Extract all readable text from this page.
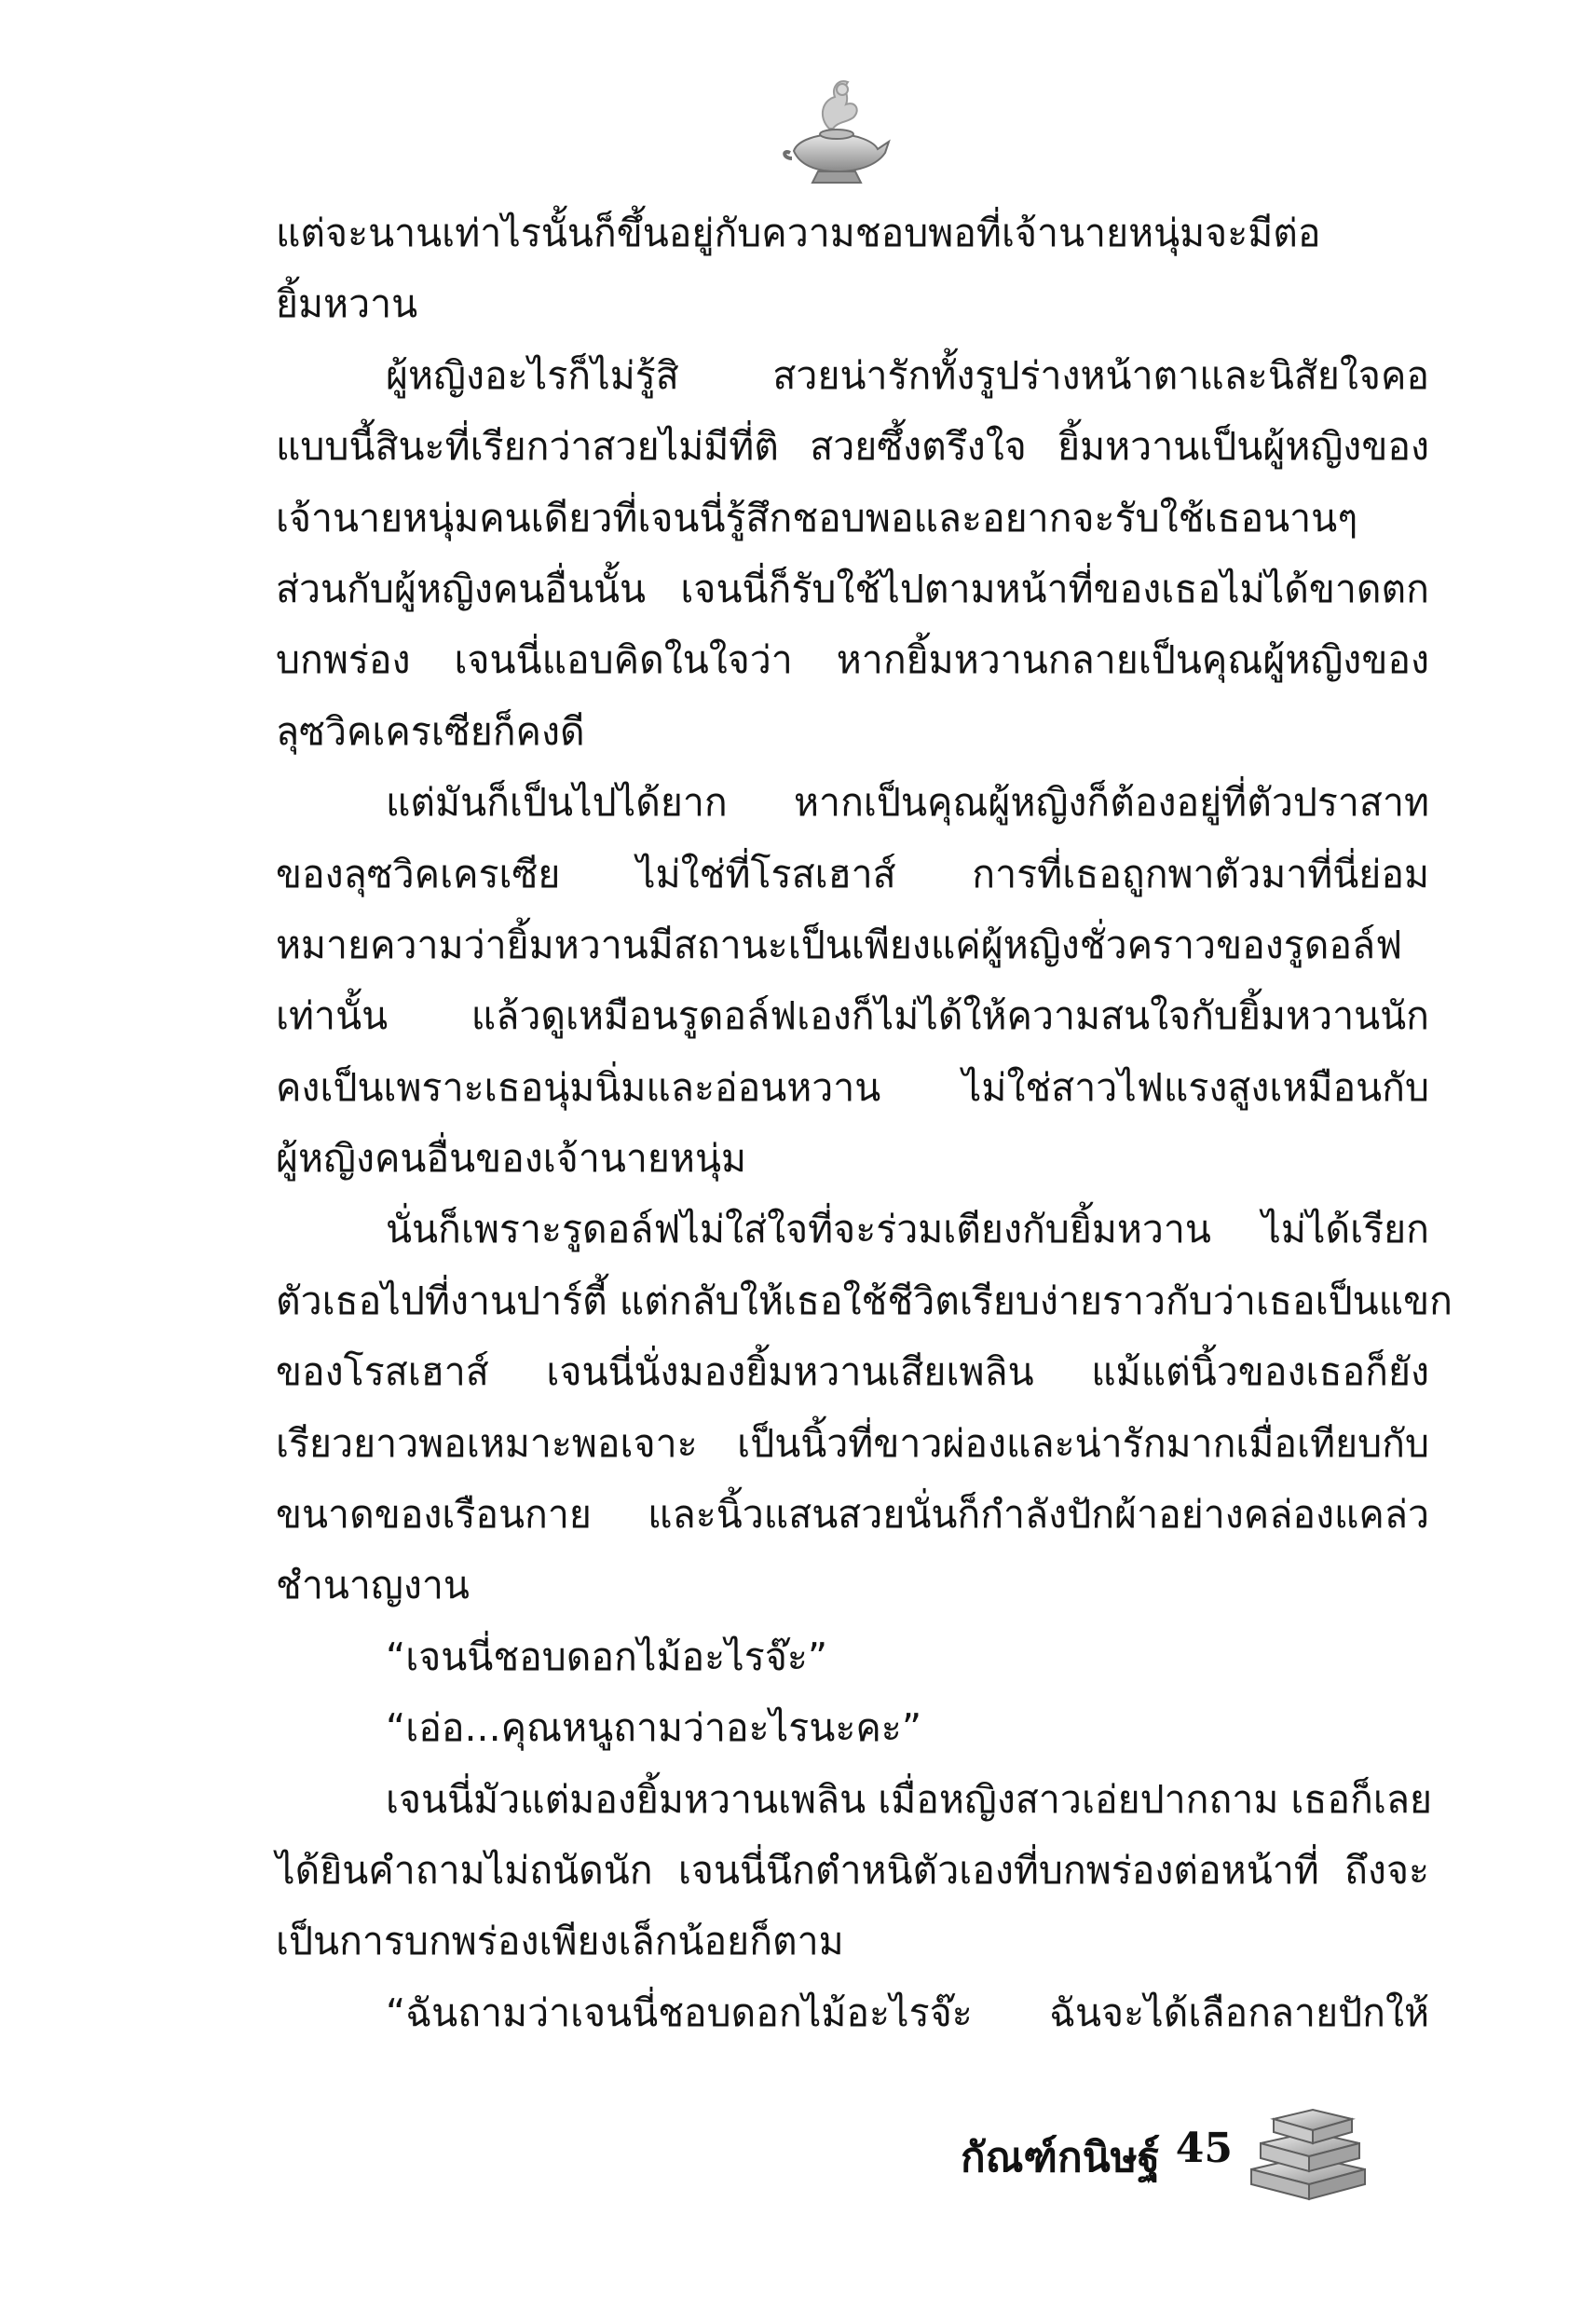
แต่จะนานเท่าไรนั้นก็ขึ้นอยู่กับความชอบพอที่เจ้านายหนุ่มจะมีต่อ
ยิ้มหวาน
ผู้หญิงอะไรก็ไม่รู้สิ สวยน่ารักทั้งรูปร่างหน้าตาและนิสัยใจคอ
แบบนี้สินะที่เรียกว่าสวยไม่มีที่ติ สวยซึ้งตรึงใจ ยิ้มหวานเป็นผู้หญิงของ
เจ้านายหนุ่มคนเดียวที่เจนนี่รู้สึกชอบพอและอยากจะรับใช้เธอนานๆ
ส่วนกับผู้หญิงคนอื่นนั้น เจนนี่ก็รับใช้ไปตามหน้าที่ของเธอไม่ได้ขาดตก
บกพร่อง เจนนี่แอบคิดในใจว่า หากยิ้มหวานกลายเป็นคุณผู้หญิงของ
ลุซวิคเครเซียก็คงดี
แต่มันก็เป็นไปได้ยาก หากเป็นคุณผู้หญิงก็ต้องอยู่ที่ตัวปราสาท
ของลุซวิคเครเซีย ไม่ใช่ที่โรสเฮาส์ การที่เธอถูกพาตัวมาที่นี่ย่อม
หมายความว่ายิ้มหวานมีสถานะเป็นเพียงแค่ผู้หญิงชั่วคราวของรูดอล์ฟ
เท่านั้น แล้วดูเหมือนรูดอล์ฟเองก็ไม่ได้ให้ความสนใจกับยิ้มหวานนัก
คงเป็นเพราะเธอนุ่มนิ่มและอ่อนหวาน ไม่ใช่สาวไฟแรงสูงเหมือนกับ
ผู้หญิงคนอื่นของเจ้านายหนุ่ม
นั่นก็เพราะรูดอล์ฟไม่ใส่ใจที่จะร่วมเตียงกับยิ้มหวาน ไม่ได้เรียก
ตัวเธอไปที่งานปาร์ตี้ แต่กลับให้เธอใช้ชีวิตเรียบง่ายราวกับว่าเธอเป็นแขก
ของโรสเฮาส์ เจนนี่นั่งมองยิ้มหวานเสียเพลิน แม้แต่นิ้วของเธอก็ยัง
เรียวยาวพอเหมาะพอเจาะ เป็นนิ้วที่ขาวผ่องและน่ารักมากเมื่อเทียบกับ
ขนาดของเรือนกาย และนิ้วแสนสวยนั่นก็กำลังปักผ้าอย่างคล่องแคล่ว
ชำนาญงาน
“เจนนี่ชอบดอกไม้อะไรจ๊ะ”
“เอ่อ...คุณหนูถามว่าอะไรนะคะ”
เจนนี่มัวแต่มองยิ้มหวานเพลิน เมื่อหญิงสาวเอ่ยปากถาม เธอก็เลย
ได้ยินคำถามไม่ถนัดนัก เจนนี่นึกตำหนิตัวเองที่บกพร่องต่อหน้าที่ ถึงจะ
เป็นการบกพร่องเพียงเล็กน้อยก็ตาม
“ฉันถามว่าเจนนี่ชอบดอกไม้อะไรจ๊ะ ฉันจะได้เลือกลายปักให้
กัณฑ์กนิษฐ์ 45
